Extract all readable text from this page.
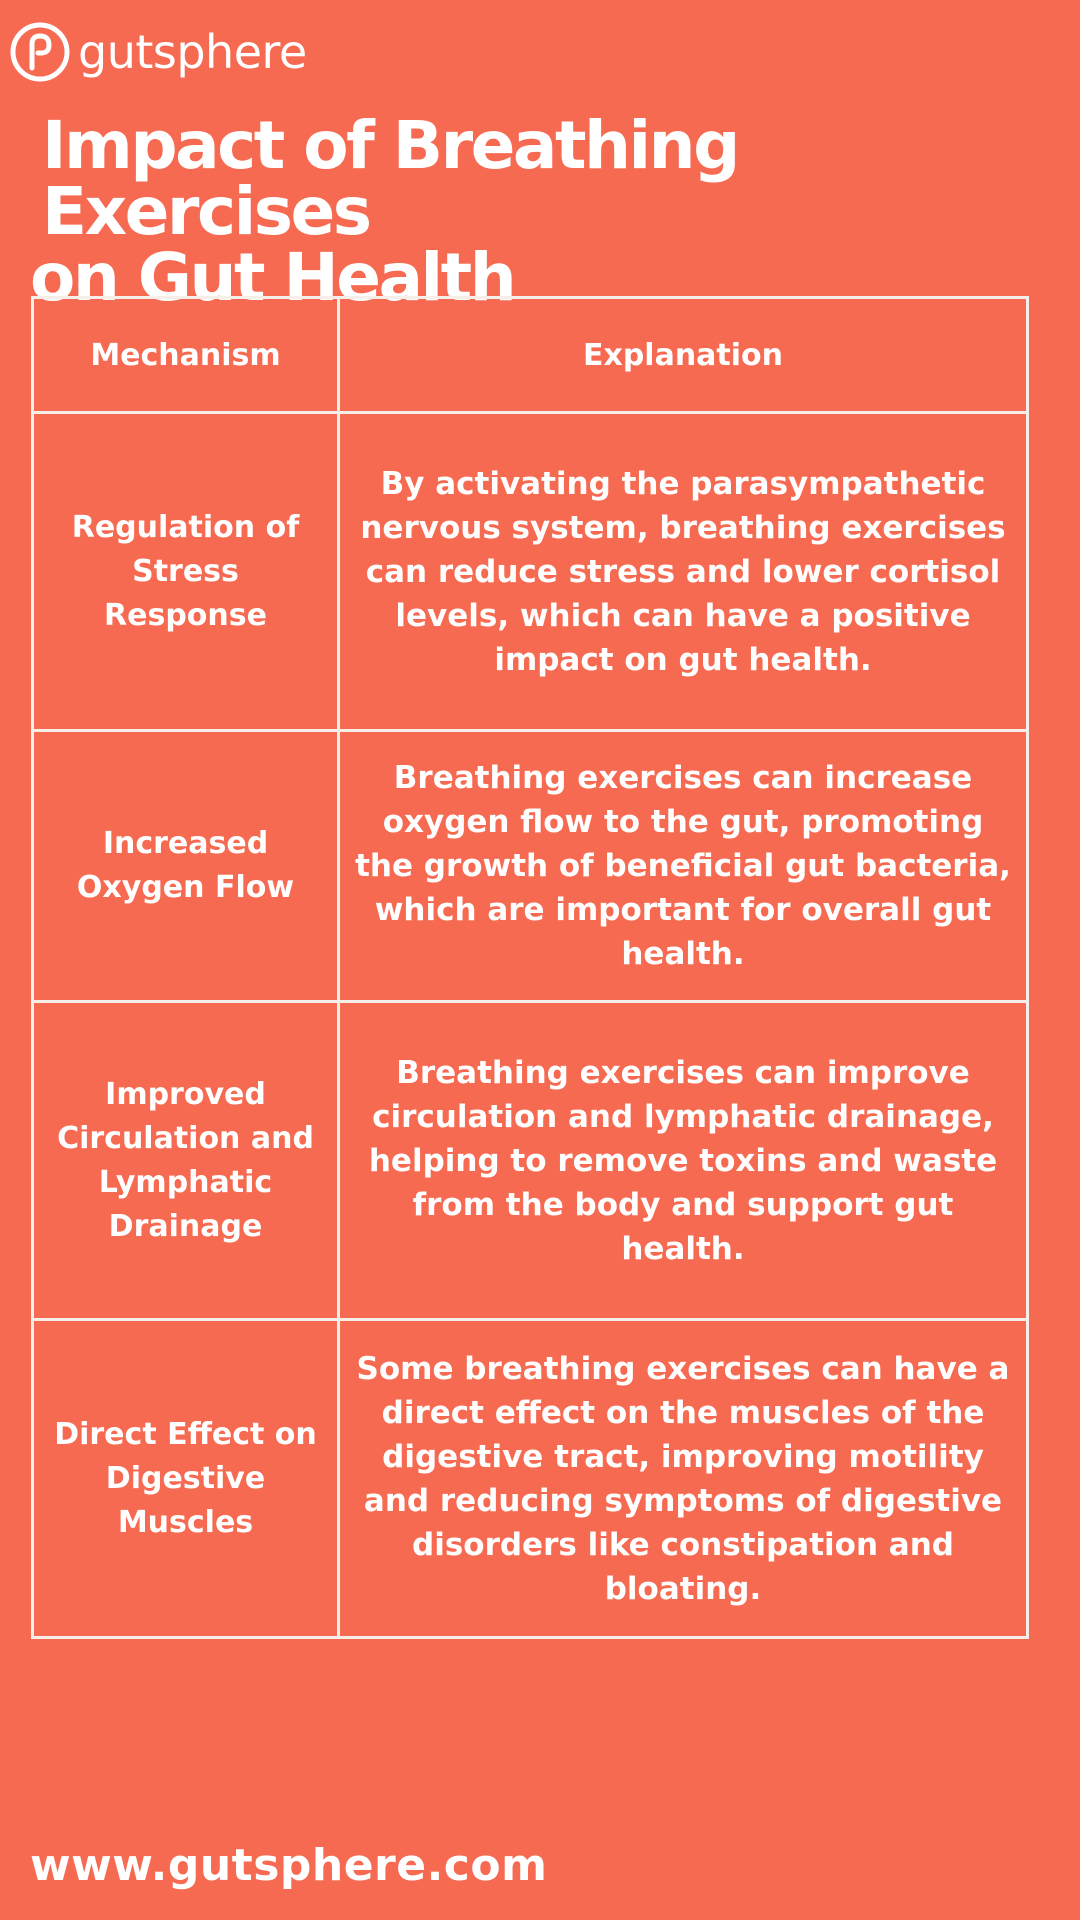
gutsphere
Impact of Breathing Exercises
on Gut Health
Mechanism	Explanation
Regulation of Stress Response	By activating the parasympathetic nervous system, breathing exercises can reduce stress and lower cortisol levels, which can have a positive impact on gut health.
Increased Oxygen Flow	Breathing exercises can increase oxygen flow to the gut, promoting the growth of beneficial gut bacteria, which are important for overall gut health.
Improved Circulation and Lymphatic Drainage	Breathing exercises can improve circulation and lymphatic drainage, helping to remove toxins and waste from the body and support gut health.
Direct Effect on Digestive Muscles	Some breathing exercises can have a direct effect on the muscles of the digestive tract, improving motility and reducing symptoms of digestive disorders like constipation and bloating.
www.gutsphere.com
